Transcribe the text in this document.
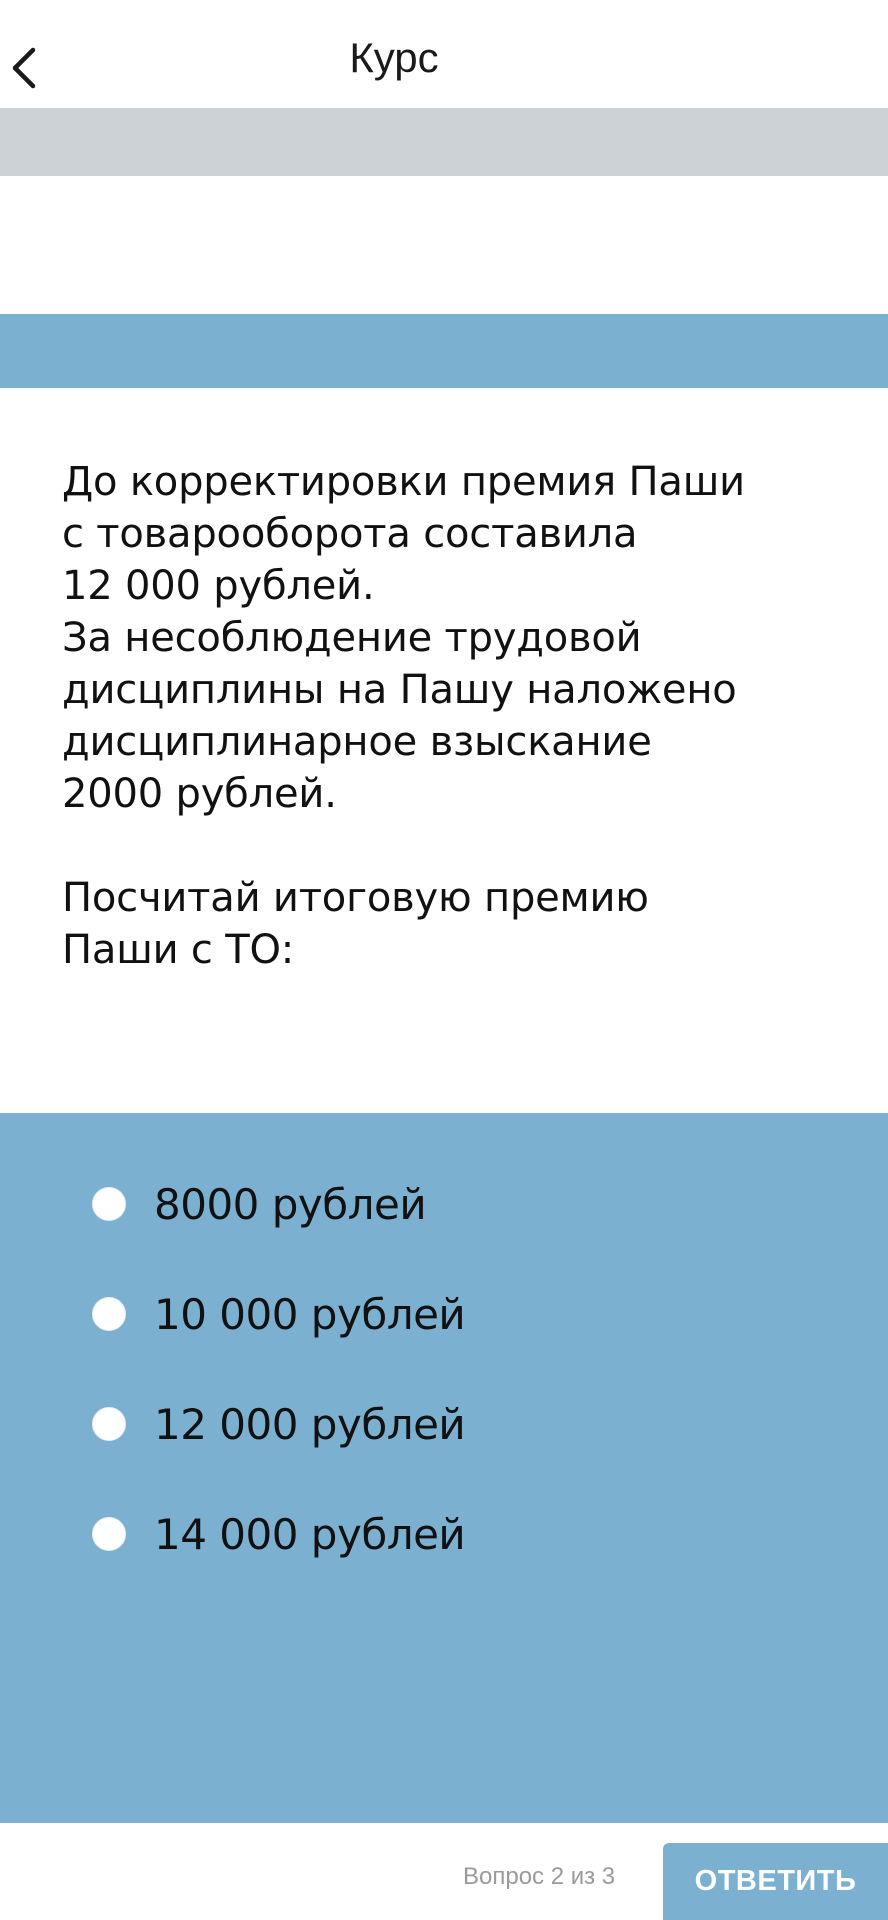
Курс
До корректировки премия Паши
с товарооборота составила
12 000 рублей.
За несоблюдение трудовой
дисциплины на Пашу наложено
дисциплинарное взыскание
2000 рублей.

Посчитай итоговую премию
Паши с ТО:
8000 рублей
10 000 рублей
12 000 рублей
14 000 рублей
Вопрос 2 из 3	ОТВЕТИТЬ
